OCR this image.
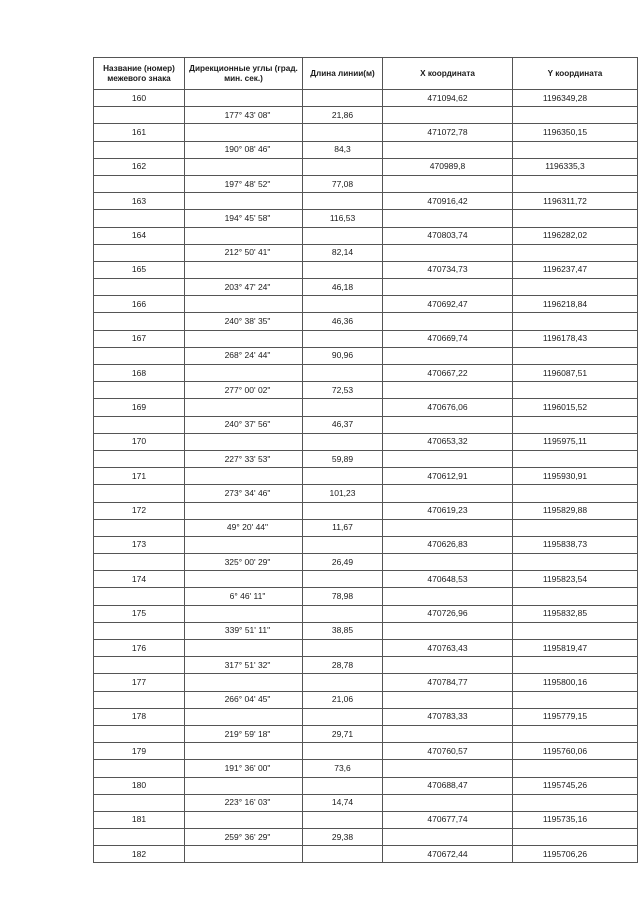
Название (номер) межевого знака	Дирекционные углы (град. мин. сек.)	Длина линии(м)	X координата	Y координата
160			471094,62	1196349,28
	177° 43' 08"	21,86		
161			471072,78	1196350,15
	190° 08' 46"	84,3		
162			470989,8	1196335,3
	197° 48' 52"	77,08		
163			470916,42	1196311,72
	194° 45' 58"	116,53		
164			470803,74	1196282,02
	212° 50' 41"	82,14		
165			470734,73	1196237,47
	203° 47' 24"	46,18		
166			470692,47	1196218,84
	240° 38' 35"	46,36		
167			470669,74	1196178,43
	268° 24' 44"	90,96		
168			470667,22	1196087,51
	277° 00' 02"	72,53		
169			470676,06	1196015,52
	240° 37' 56"	46,37		
170			470653,32	1195975,11
	227° 33' 53"	59,89		
171			470612,91	1195930,91
	273° 34' 46"	101,23		
172			470619,23	1195829,88
	49° 20' 44"	11,67		
173			470626,83	1195838,73
	325° 00' 29"	26,49		
174			470648,53	1195823,54
	6° 46' 11"	78,98		
175			470726,96	1195832,85
	339° 51' 11"	38,85		
176			470763,43	1195819,47
	317° 51' 32"	28,78		
177			470784,77	1195800,16
	266° 04' 45"	21,06		
178			470783,33	1195779,15
	219° 59' 18"	29,71		
179			470760,57	1195760,06
	191° 36' 00"	73,6		
180			470688,47	1195745,26
	223° 16' 03"	14,74		
181			470677,74	1195735,16
	259° 36' 29"	29,38		
182			470672,44	1195706,26
